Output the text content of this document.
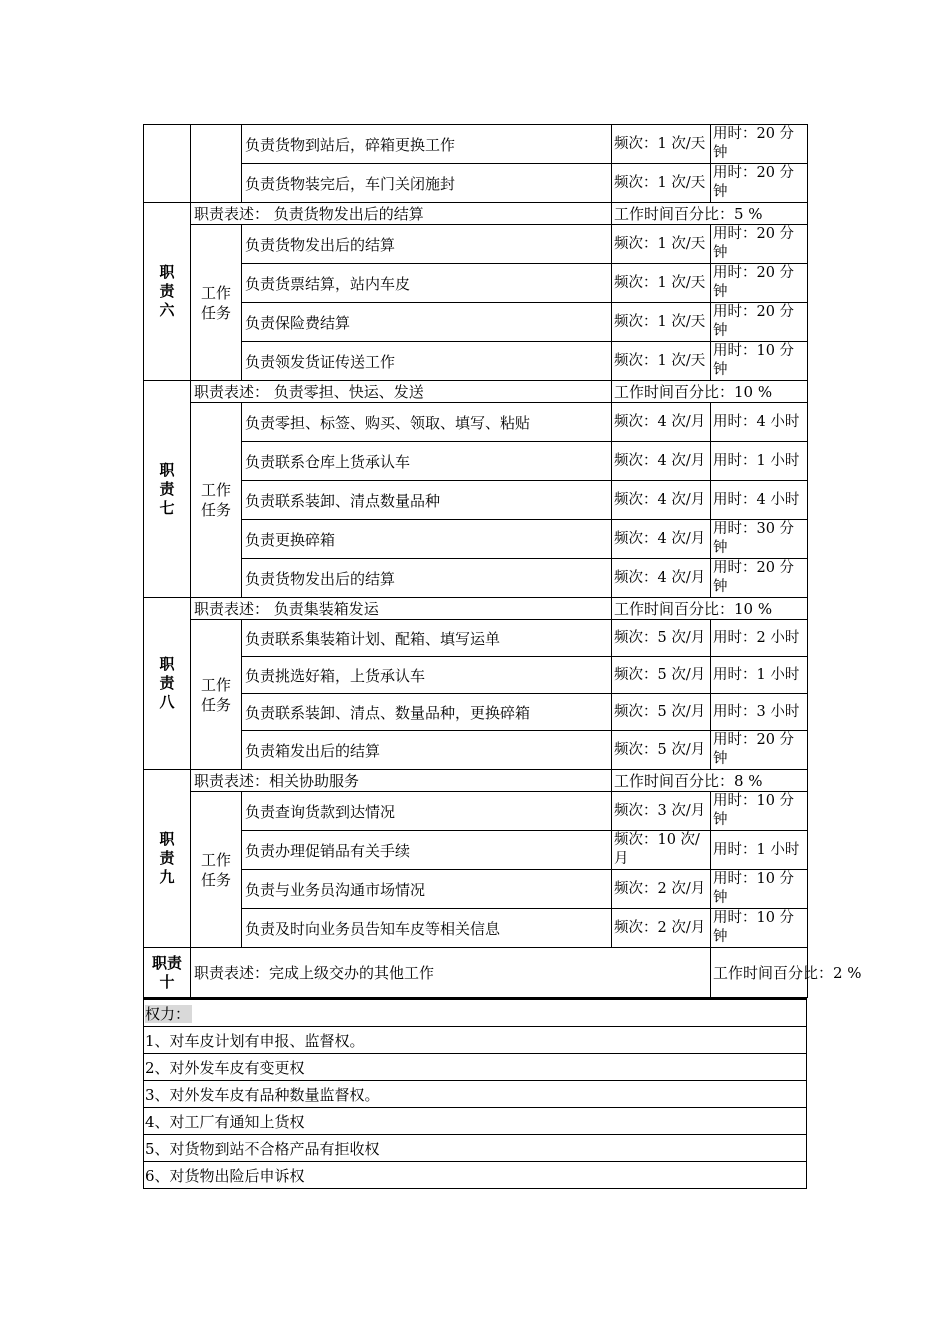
		负责货物到站后，碎箱更换工作	频次：1 次/天	用时：20 分钟
		负责货物装完后，车门关闭施封	频次：1 次/天	用时：20 分钟

职责六	职责表述： 负责货物发出后的结算		工作时间百分比：5 %	

	工作任务	负责货物发出后的结算	频次：1 次/天	用时：20 分钟
		负责货票结算，站内车皮	频次：1 次/天	用时：20 分钟
		负责保险费结算	频次：1 次/天	用时：20 分钟
		负责领发货证传送工作	频次：1 次/天	用时：10 分钟

职责七	职责表述： 负责零担、快运、发送		工作时间百分比：10 %	

	工作任务	负责零担、标签、购买、领取、填写、粘贴	频次：4 次/月	用时：4 小时
		负责联系仓库上货承认车	频次：4 次/月	用时：1 小时
		负责联系装卸、清点数量品种	频次：4 次/月	用时：4 小时
		负责更换碎箱	频次：4 次/月	用时：30 分钟
		负责货物发出后的结算	频次：4 次/月	用时：20 分钟

职责八	职责表述： 负责集装箱发运		工作时间百分比：10 %	

	工作任务	负责联系集装箱计划、配箱、填写运单	频次：5 次/月	用时：2 小时
		负责挑选好箱，上货承认车	频次：5 次/月	用时：1 小时
		负责联系装卸、清点、数量品种，更换碎箱	频次：5 次/月	用时：3 小时
		负责箱发出后的结算	频次：5 次/月	用时：20 分钟

职责九	职责表述：相关协助服务		工作时间百分比：8 %	

	工作任务	负责查询货款到达情况	频次：3 次/月	用时：10 分钟
		负责办理促销品有关手续	频次：10 次/月	用时：1 小时
		负责与业务员沟通市场情况	频次：2 次/月	用时：10 分钟
		负责及时向业务员告知车皮等相关信息	频次：2 次/月	用时：10 分钟

职责十	职责表述：完成上级交办的其他工作			工作时间百分比：2 %
权力：
1、对车皮计划有申报、监督权。
2、对外发车皮有变更权
3、对外发车皮有品种数量监督权。
4、对工厂有通知上货权
5、对货物到站不合格产品有拒收权
6、对货物出险后申诉权
